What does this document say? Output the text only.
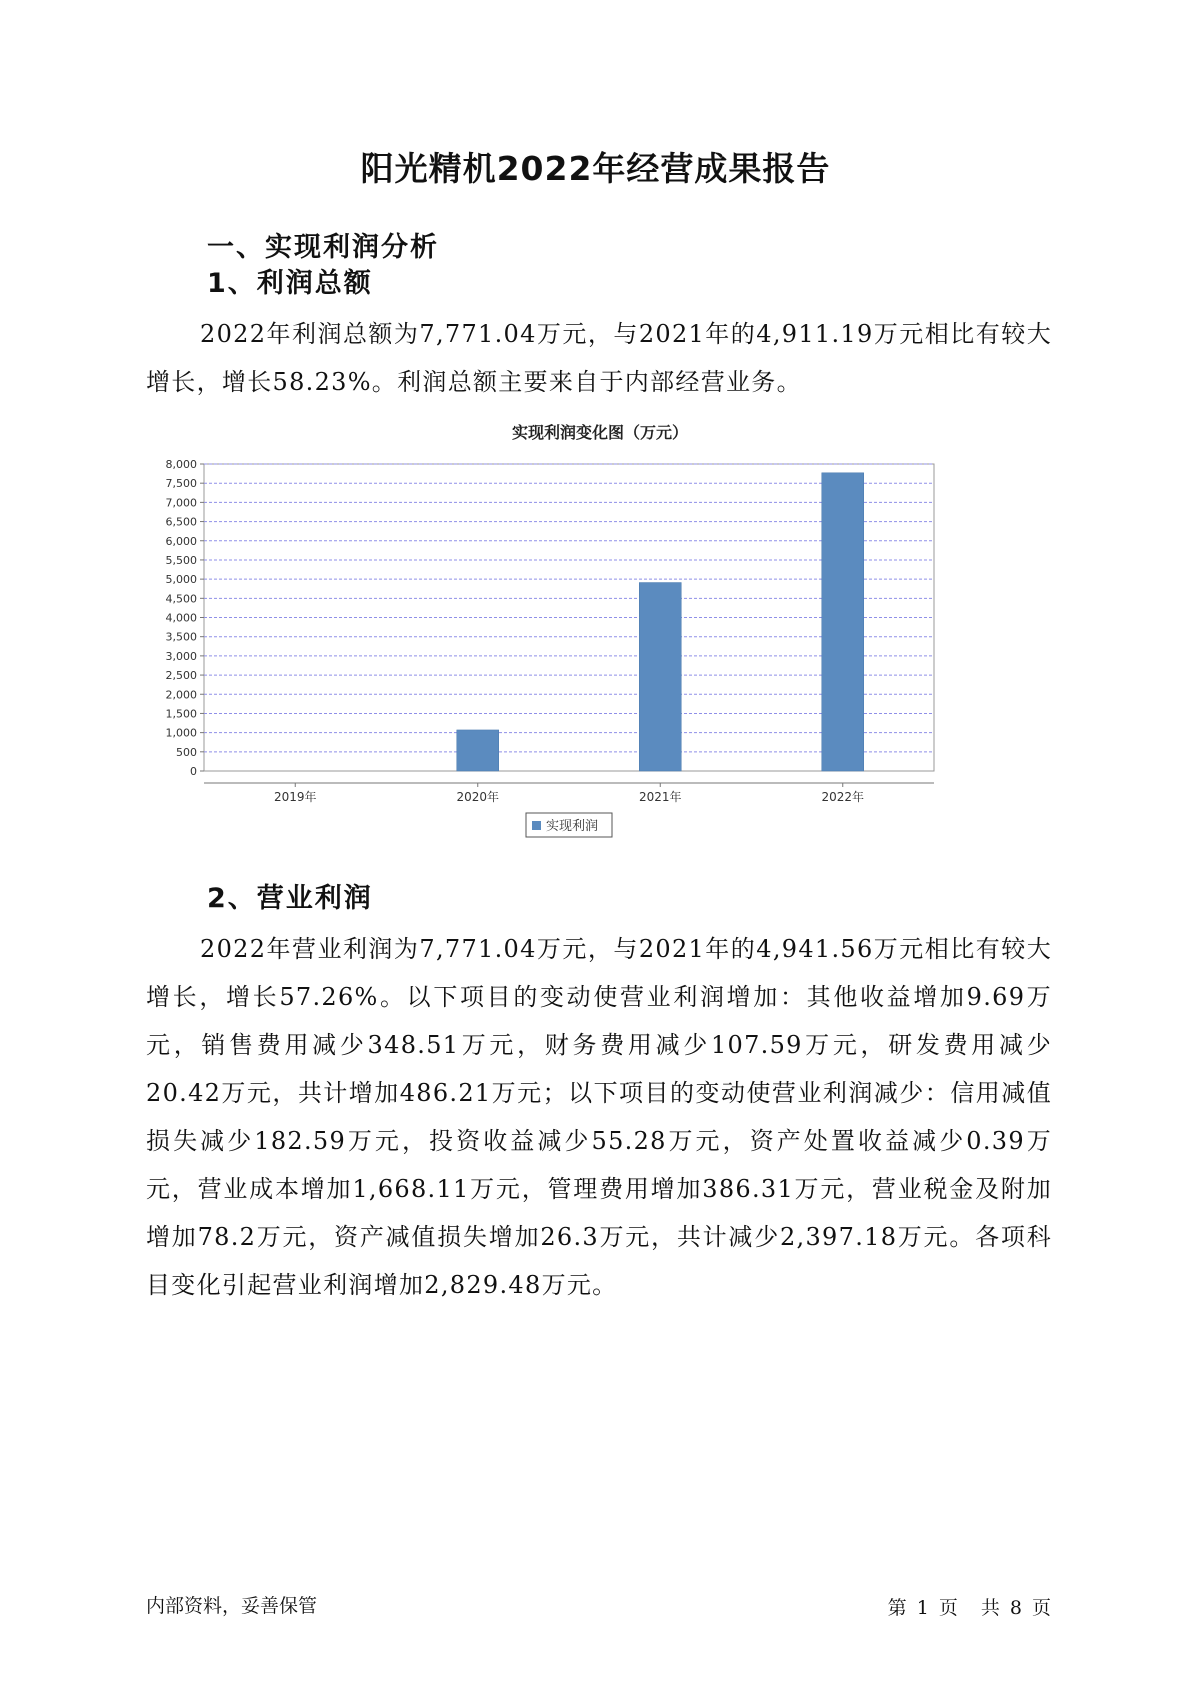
阳光精机2022年经营成果报告
一、实现利润分析
1、利润总额

2022年利润总额为7,771.04万元，与2021年的4,911.19万元相比有较大增长，增长58.23%。利润总额主要来自于内部经营业务。

实现利润变化图（万元）
0
500
1,000
1,500
2,000
2,500
3,000
3,500
4,000
4,500
5,000
5,500
6,000
6,500
7,000
7,500
8,000
2019年	2020年	2021年	2022年
实现利润
2、营业利润

2022年营业利润为7,771.04万元，与2021年的4,941.56万元相比有较大增长，增长57.26%。以下项目的变动使营业利润增加：其他收益增加9.69万元，销售费用减少348.51万元，财务费用减少107.59万元，研发费用减少20.42万元，共计增加486.21万元；以下项目的变动使营业利润减少：信用减值损失减少182.59万元，投资收益减少55.28万元，资产处置收益减少0.39万元，营业成本增加1,668.11万元，管理费用增加386.31万元，营业税金及附加增加78.2万元，资产减值损失增加26.3万元，共计减少2,397.18万元。各项科目变化引起营业利润增加2,829.48万元。

内部资料，妥善保管	第 1 页　共 8 页
